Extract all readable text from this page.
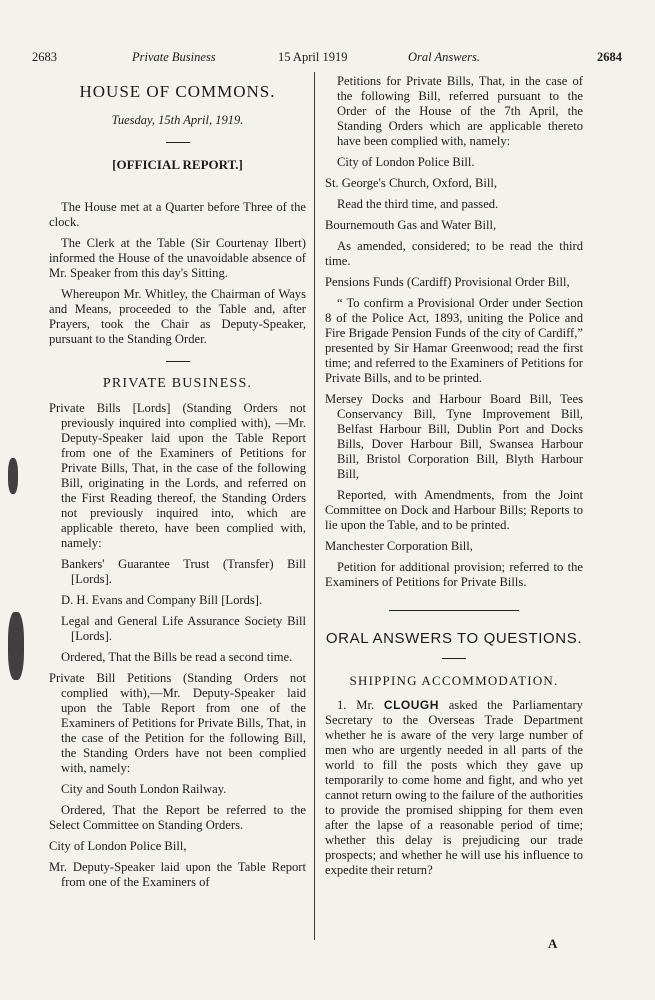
2683	Private Business	15 April 1919	Oral Answers.	2684
HOUSE OF COMMONS.
Tuesday, 15th April, 1919.
[OFFICIAL REPORT.]

The House met at a Quarter before Three of the clock.

The Clerk at the Table (Sir Courtenay Ilbert) informed the House of the unavoidable absence of Mr. Speaker from this day's Sitting.

Whereupon Mr. Whitley, the Chairman of Ways and Means, proceeded to the Table and, after Prayers, took the Chair as Deputy-Speaker, pursuant to the Standing Order.

PRIVATE BUSINESS.

Private Bills [Lords] (Standing Orders not previously inquired into complied with), —Mr. Deputy-Speaker laid upon the Table Report from one of the Examiners of Petitions for Private Bills, That, in the case of the following Bill, originating in the Lords, and referred on the First Reading thereof, the Standing Orders not previously inquired into, which are applicable thereto, have been complied with, namely:

Bankers' Guarantee Trust (Transfer) Bill [Lords].

D. H. Evans and Company Bill [Lords].

Legal and General Life Assurance Society Bill [Lords].

Ordered, That the Bills be read a second time.

Private Bill Petitions (Standing Orders not complied with),—Mr. Deputy-Speaker laid upon the Table Report from one of the Examiners of Petitions for Private Bills, That, in the case of the Petition for the following Bill, the Standing Orders have not been complied with, namely:

City and South London Railway.

Ordered, That the Report be referred to the Select Committee on Standing Orders.

City of London Police Bill,

Mr. Deputy-Speaker laid upon the Table Report from one of the Examiners of

Petitions for Private Bills, That, in the case of the following Bill, referred pursuant to the Order of the House of the 7th April, the Standing Orders which are applicable thereto have been complied with, namely:

City of London Police Bill.

St. George's Church, Oxford, Bill,

Read the third time, and passed.

Bournemouth Gas and Water Bill,

As amended, considered; to be read the third time.

Pensions Funds (Cardiff) Provisional Order Bill,

“ To confirm a Provisional Order under Section 8 of the Police Act, 1893, uniting the Police and Fire Brigade Pension Funds of the city of Cardiff,” presented by Sir Hamar Greenwood; read the first time; and referred to the Examiners of Petitions for Private Bills, and to be printed.

Mersey Docks and Harbour Board Bill, Tees Conservancy Bill, Tyne Improvement Bill, Belfast Harbour Bill, Dublin Port and Docks Bills, Dover Harbour Bill, Swansea Harbour Bill, Bristol Corporation Bill, Blyth Harbour Bill,

Reported, with Amendments, from the Joint Committee on Dock and Harbour Bills; Reports to lie upon the Table, and to be printed.

Manchester Corporation Bill,

Petition for additional provision; referred to the Examiners of Petitions for Private Bills.

ORAL ANSWERS TO QUESTIONS.
SHIPPING ACCOMMODATION.

1. Mr. CLOUGH asked the Parliamentary Secretary to the Overseas Trade Department whether he is aware of the very large number of men who are urgently needed in all parts of the world to fill the posts which they gave up temporarily to come home and fight, and who yet cannot return owing to the failure of the authorities to provide the promised shipping for them even after the lapse of a reasonable period of time; whether this delay is prejudicing our trade prospects; and whether he will use his influence to expedite their return?

A
